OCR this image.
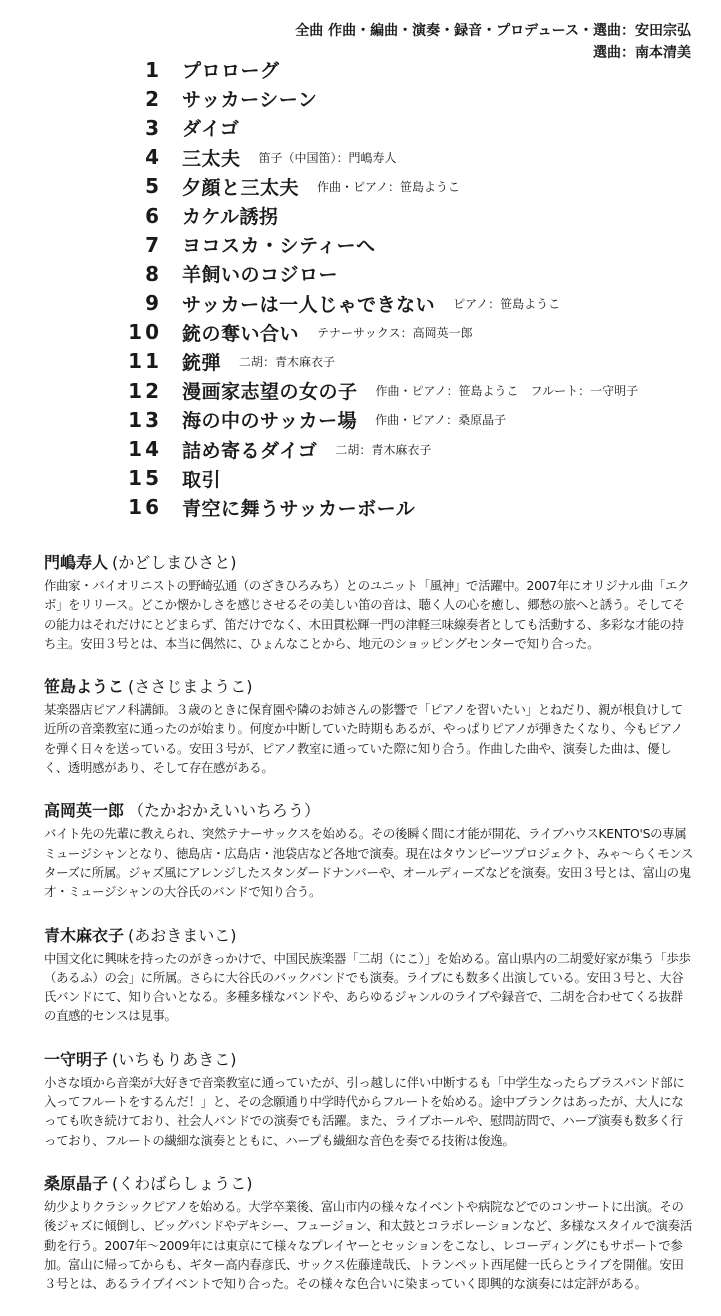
全曲 作曲・編曲・演奏・録音・プロデュース・選曲：安田宗弘
選曲：南本清美
1 プロローグ
2 サッカーシーン
3 ダイゴ
4 三太夫 笛子（中国笛）：門嶋寿人
5 夕顔と三太夫 作曲・ピアノ：笹島ようこ
6 カケル誘拐
7 ヨコスカ・シティーへ
8 羊飼いのコジロー
9 サッカーは一人じゃできない ピアノ：笹島ようこ
10 銃の奪い合い テナーサックス：高岡英一郎
11 銃弾 二胡：青木麻衣子
12 漫画家志望の女の子 作曲・ピアノ：笹島ようこ　フルート：一守明子
13 海の中のサッカー場 作曲・ピアノ：桑原晶子
14 詰め寄るダイゴ 二胡：青木麻衣子
15 取引
16 青空に舞うサッカーボール
門嶋寿人 (かどしまひさと)
作曲家・バイオリニストの野崎弘通（のざきひろみち）とのユニット「風神」で活躍中。2007年にオリジナル曲「エクボ」をリリース。どこか懐かしさを感じさせるその美しい笛の音は、聴く人の心を癒し、郷愁の旅へと誘う。そしてその能力はそれだけにとどまらず、笛だけでなく、木田貫松輝一門の津軽三味線奏者としても活動する、多彩な才能の持ち主。安田３号とは、本当に偶然に、ひょんなことから、地元のショッピングセンターで知り合った。
笹島ようこ (ささじまようこ)
某楽器店ピアノ科講師。３歳のときに保育園や隣のお姉さんの影響で「ピアノを習いたい」とねだり、親が根負けして近所の音楽教室に通ったのが始まり。何度か中断していた時期もあるが、やっぱりピアノが弾きたくなり、今もピアノを弾く日々を送っている。安田３号が、ピアノ教室に通っていた際に知り合う。作曲した曲や、演奏した曲は、優しく、透明感があり、そして存在感がある。
高岡英一郎 （たかおかえいいちろう）
バイト先の先輩に教えられ、突然テナーサックスを始める。その後瞬く間に才能が開花、ライブハウスKENTO'Sの専属ミュージシャンとなり、徳島店・広島店・池袋店など各地で演奏。現在はタウンビーツプロジェクト、みゃ〜らくモンスターズに所属。ジャズ風にアレンジしたスタンダードナンバーや、オールディーズなどを演奏。安田３号とは、富山の鬼才・ミュージシャンの大谷氏のバンドで知り合う。
青木麻衣子 (あおきまいこ)
中国文化に興味を持ったのがきっかけで、中国民族楽器「二胡（にこ）」を始める。富山県内の二胡愛好家が集う「歩歩（あるふ）の会」に所属。さらに大谷氏のバックバンドでも演奏。ライブにも数多く出演している。安田３号と、大谷氏バンドにて、知り合いとなる。多種多様なバンドや、あらゆるジャンルのライブや録音で、二胡を合わせてくる抜群の直感的センスは見事。
一守明子 (いちもりあきこ)
小さな頃から音楽が大好きで音楽教室に通っていたが、引っ越しに伴い中断するも「中学生なったらブラスバンド部に入ってフルートをするんだ！」と、その念願通り中学時代からフルートを始める。途中ブランクはあったが、大人になっても吹き続けており、社会人バンドでの演奏でも活躍。また、ライブホールや、慰問訪問で、ハープ演奏も数多く行っており、フルートの繊細な演奏とともに、ハープも繊細な音色を奏でる技術は俊逸。
桑原晶子 (くわばらしょうこ)
幼少よりクラシックピアノを始める。大学卒業後、富山市内の様々なイベントや病院などでのコンサートに出演。その後ジャズに傾倒し、ビッグバンドやデキシー、フュージョン、和太鼓とコラボレーションなど、多様なスタイルで演奏活動を行う。2007年〜2009年には東京にて様々なプレイヤーとセッションをこなし、レコーディングにもサポートで参加。富山に帰ってからも、ギター高内春彦氏、サックス佐藤達哉氏、トランペット西尾健一氏らとライブを開催。安田３号とは、あるライブイベントで知り合った。その様々な色合いに染まっていく即興的な演奏には定評がある。
